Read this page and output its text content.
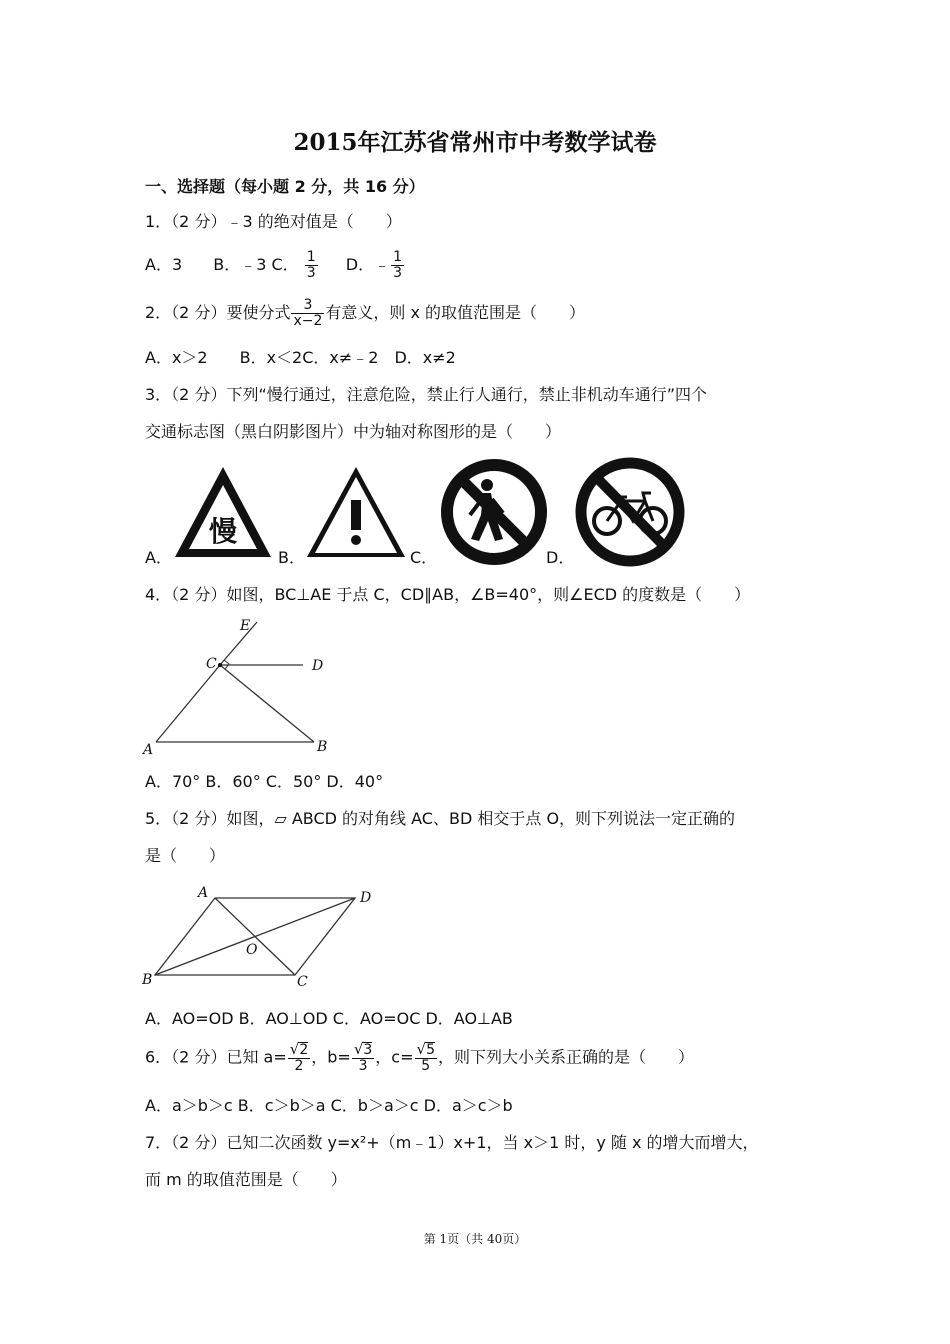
2015年江苏省常州市中考数学试卷
一、选择题（每小题 2 分，共 16 分）
1．（2 分）﹣3 的绝对值是（　　）
A．3 B．﹣3 C． $\frac{1}{3}$ D．﹣ $\frac{1}{3}$
2．（2 分）要使分式 $\frac{3}{x-2}$ 有意义，则 x 的取值范围是（　　）
A．x＞2　　B．x＜2C．x≠﹣2　D．x≠2
3．（2 分）下列“慢行通过，注意危险，禁止行人通行，禁止非机动车通行”四个
交通标志图（黑白阴影图片）中为轴对称图形的是（　　）
慢
A．	B．	C．	D．
4．（2 分）如图，BC⊥AE 于点 C，CD∥AB，∠B=40°，则∠ECD 的度数是（　　）
E
C	D
A	B
A．70° B．60° C．50° D．40°
5．（2 分）如图，▱ ABCD 的对角线 AC、BD 相交于点 O，则下列说法一定正确的
是（　　）
A	D
O
B	C
A．AO=OD B．AO⊥OD C．AO=OC D．AO⊥AB
6．（2 分）已知 $a= \frac{√2}{2}$ ，$b= \frac{√3}{3}$ ，$c= \frac{√5}{5}$ ，则下列大小关系正确的是（　　）
A．a＞b＞c B．c＞b＞a C．b＞a＞c D．a＞c＞b
7．（2 分）已知二次函数 y=x²+（m﹣1）x+1，当 x＞1 时，y 随 x 的增大而增大，
而 m 的取值范围是（　　）
第 1页（共 40页）
